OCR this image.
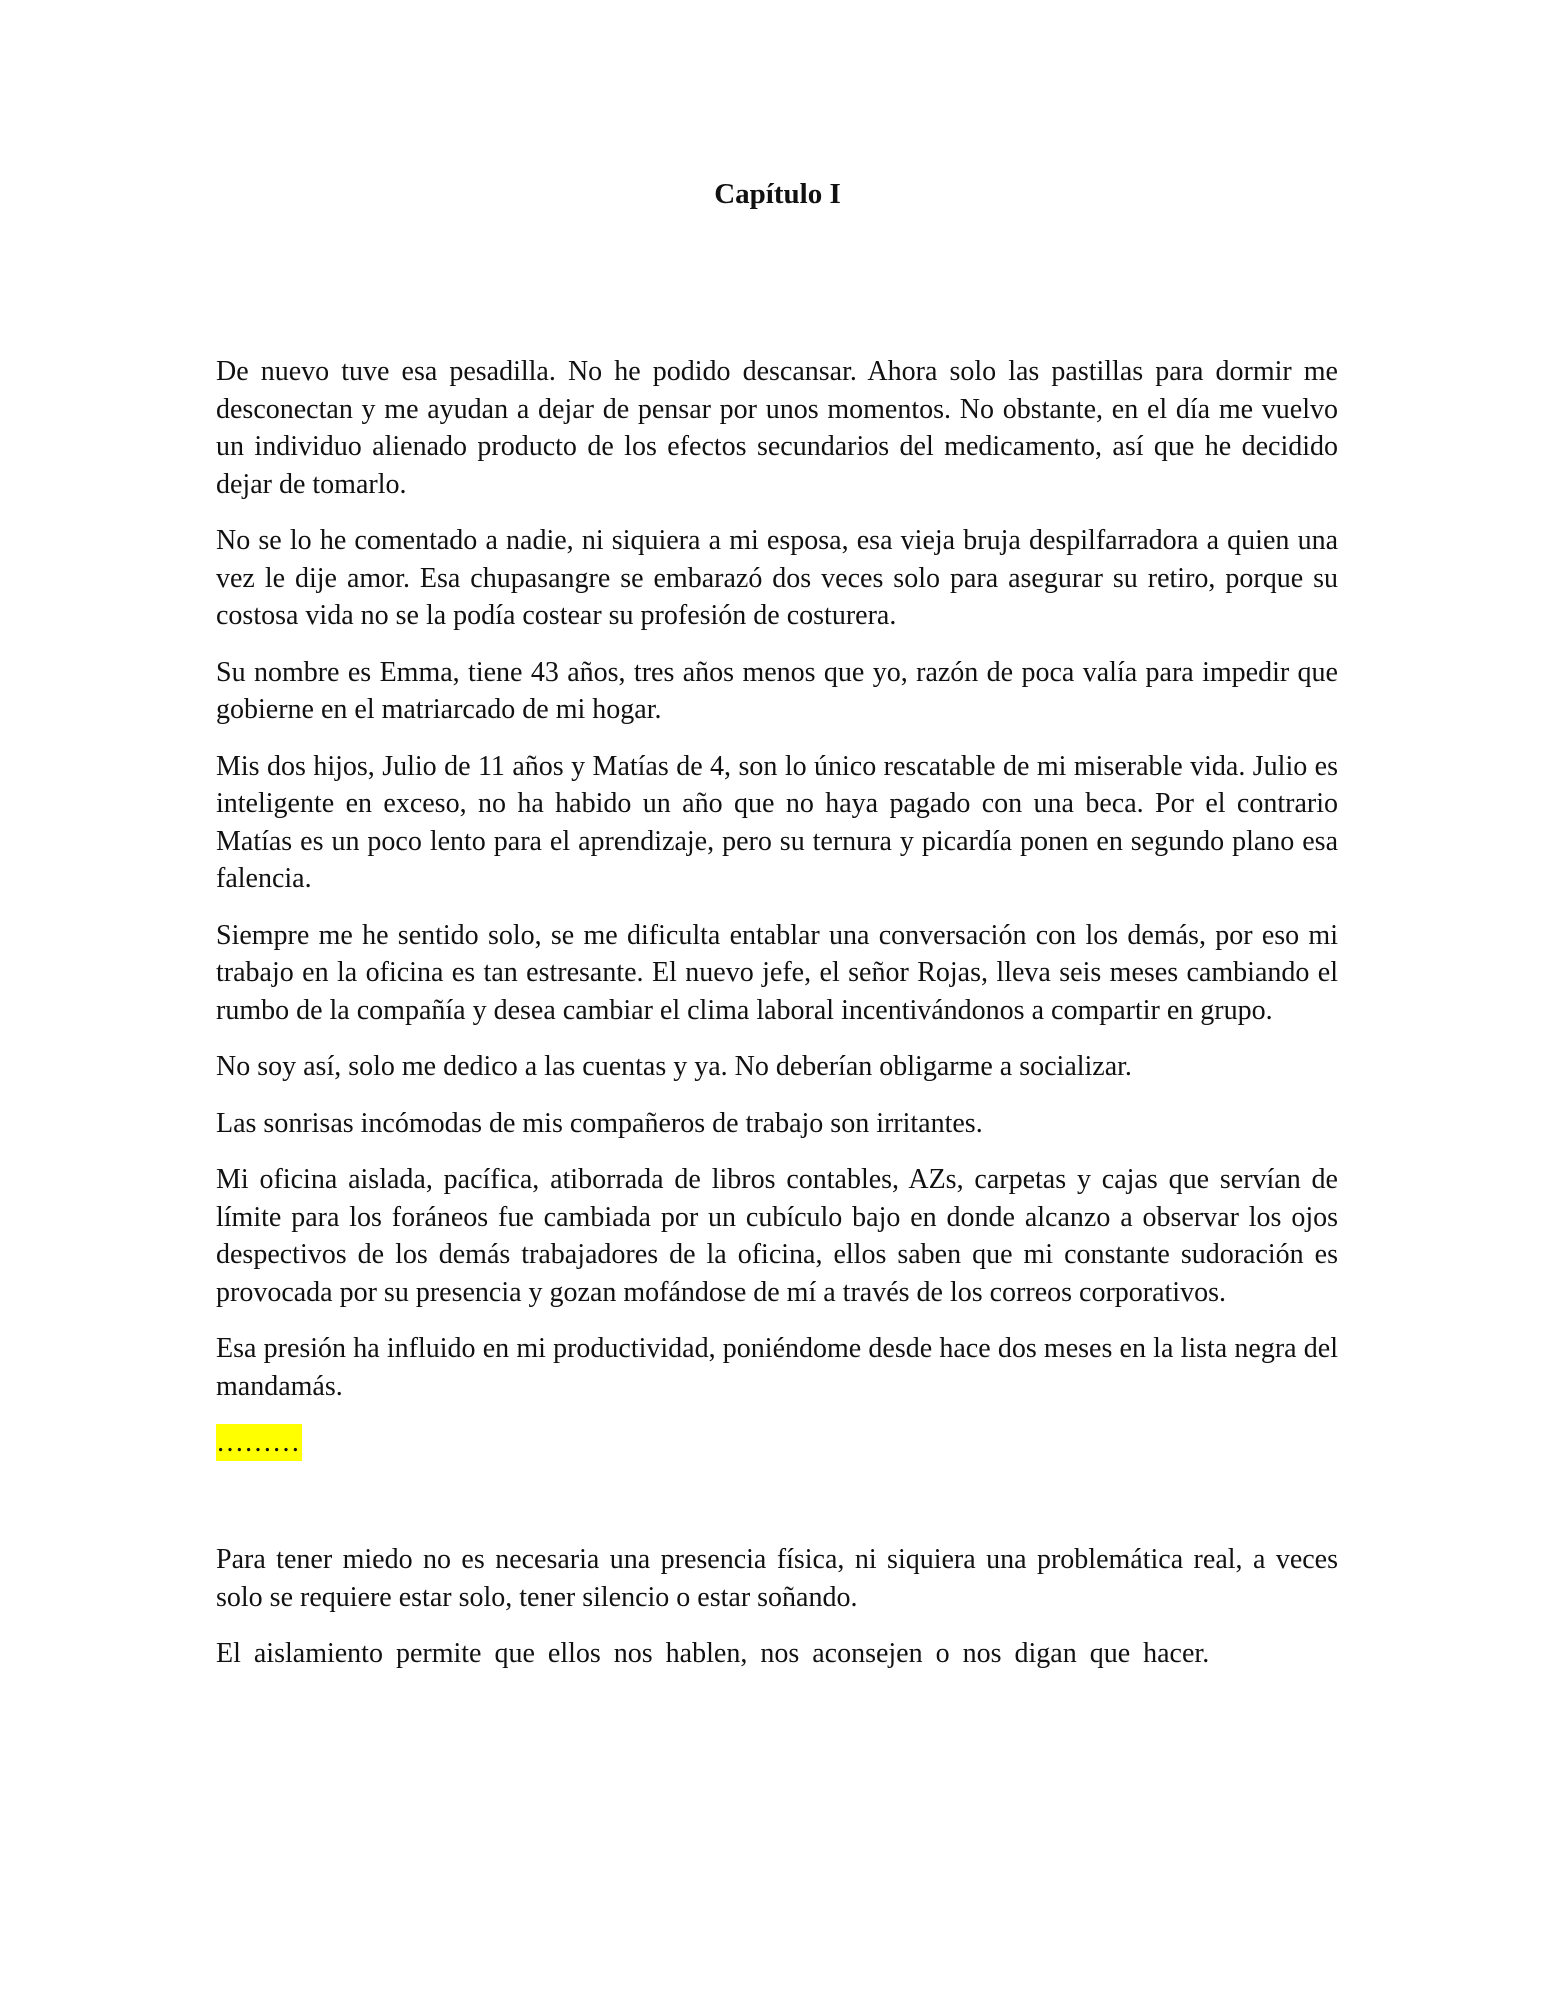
Capítulo I

De nuevo tuve esa pesadilla. No he podido descansar. Ahora solo las pastillas para dormir me desconectan y me ayudan a dejar de pensar por unos momentos. No obstante, en el día me vuelvo un individuo alienado producto de los efectos secundarios del medicamento, así que he decidido dejar de tomarlo.

No se lo he comentado a nadie, ni siquiera a mi esposa, esa vieja bruja despilfarradora a quien una vez le dije amor. Esa chupasangre se embarazó dos veces solo para asegurar su retiro, porque su costosa vida no se la podía costear su profesión de costurera.

Su nombre es Emma, tiene 43 años, tres años menos que yo, razón de poca valía para impedir que gobierne en el matriarcado de mi hogar.

Mis dos hijos, Julio de 11 años y Matías de 4, son lo único rescatable de mi miserable vida. Julio es inteligente en exceso, no ha habido un año que no haya pagado con una beca. Por el contrario Matías es un poco lento para el aprendizaje, pero su ternura y picardía ponen en segundo plano esa falencia.

Siempre me he sentido solo, se me dificulta entablar una conversación con los demás, por eso mi trabajo en la oficina es tan estresante. El nuevo jefe, el señor Rojas, lleva seis meses cambiando el rumbo de la compañía y desea cambiar el clima laboral incentivándonos a compartir en grupo.

No soy así, solo me dedico a las cuentas y ya. No deberían obligarme a socializar.

Las sonrisas incómodas de mis compañeros de trabajo son irritantes.

Mi oficina aislada, pacífica, atiborrada de libros contables, AZs, carpetas y cajas que servían de límite para los foráneos fue cambiada por un cubículo bajo en donde alcanzo a observar los ojos despectivos de los demás trabajadores de la oficina, ellos saben que mi constante sudoración es provocada por su presencia y gozan mofándose de mí a través de los correos corporativos.

Esa presión ha influido en mi productividad, poniéndome desde hace dos meses en la lista negra del mandamás.

………

Para tener miedo no es necesaria una presencia física, ni siquiera una problemática real, a veces solo se requiere estar solo, tener silencio o estar soñando.

El aislamiento permite que ellos nos hablen, nos aconsejen o nos digan que hacer.
